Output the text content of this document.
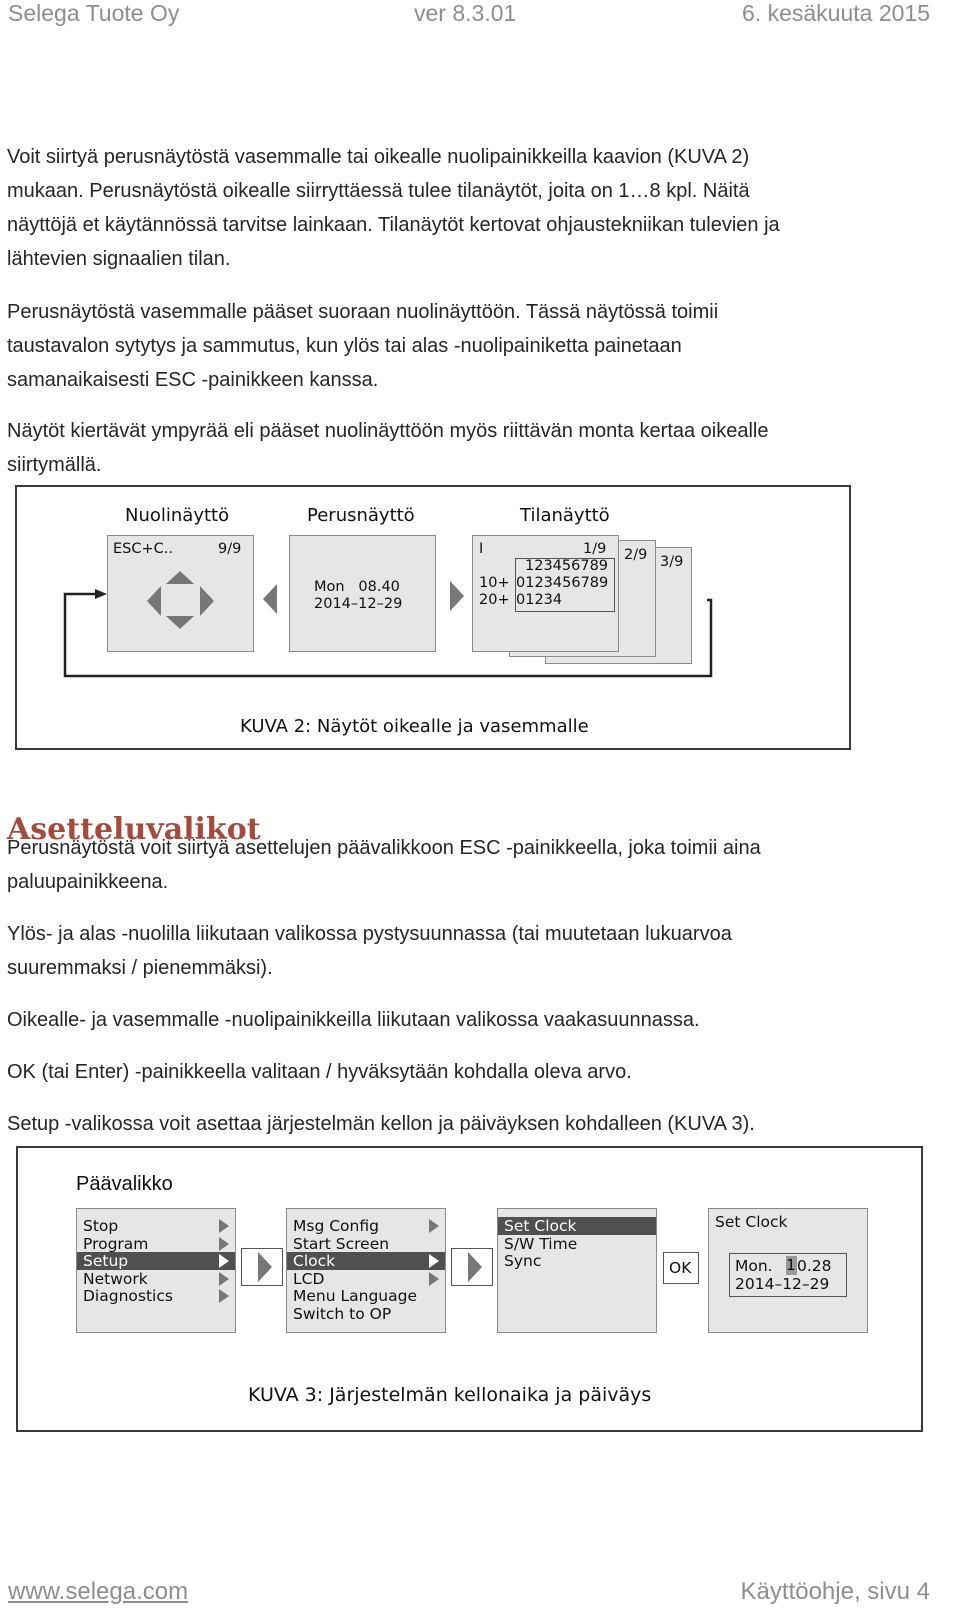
Selega Tuote Oy	ver 8.3.01	6. kesäkuuta 2015

Voit siirtyä perusnäytöstä vasemmalle tai oikealle nuolipainikkeilla kaavion (KUVA 2)
mukaan. Perusnäytöstä oikealle siirryttäessä tulee tilanäytöt, joita on 1…8 kpl. Näitä
näyttöjä et käytännössä tarvitse lainkaan. Tilanäytöt kertovat ohjaustekniikan tulevien ja
lähtevien signaalien tilan.

Perusnäytöstä vasemmalle pääset suoraan nuolinäyttöön. Tässä näytössä toimii
taustavalon sytytys ja sammutus, kun ylös tai alas -nuolipainiketta painetaan
samanaikaisesti ESC -painikkeen kanssa.

Näytöt kiertävät ympyrää eli pääset nuolinäyttöön myös riittävän monta kertaa oikealle
siirtymällä.

Nuolinäyttö	Perusnäyttö	Tilanäyttö
ESC+C..	9/9
Mon   08.40
2014–12–29
3/9
2/9
I	1/9
123456789
10+ 0123456789
20+ 01234
KUVA 2: Näytöt oikealle ja vasemmalle
Asetteluvalikot

Perusnäytöstä voit siirtyä asettelujen päävalikkoon ESC -painikkeella, joka toimii aina
paluupainikkeena.

Ylös- ja alas -nuolilla liikutaan valikossa pystysuunnassa (tai muutetaan lukuarvoa
suuremmaksi / pienemmäksi).

Oikealle- ja vasemmalle -nuolipainikkeilla liikutaan valikossa vaakasuunnassa.

OK (tai Enter) -painikkeella valitaan / hyväksytään kohdalla oleva arvo.

Setup -valikossa voit asettaa järjestelmän kellon ja päiväyksen kohdalleen (KUVA 3).

Päävalikko
Stop
Program
Setup
Network
Diagnostics
Msg Config
Start Screen
Clock
LCD
Menu Language
Switch to OP
Set Clock
S/W Time
Sync	OK
Set Clock
Mon. 1 0.28
2014–12–29
KUVA 3: Järjestelmän kellonaika ja päiväys
www.selega.com	Käyttöohje, sivu 4
